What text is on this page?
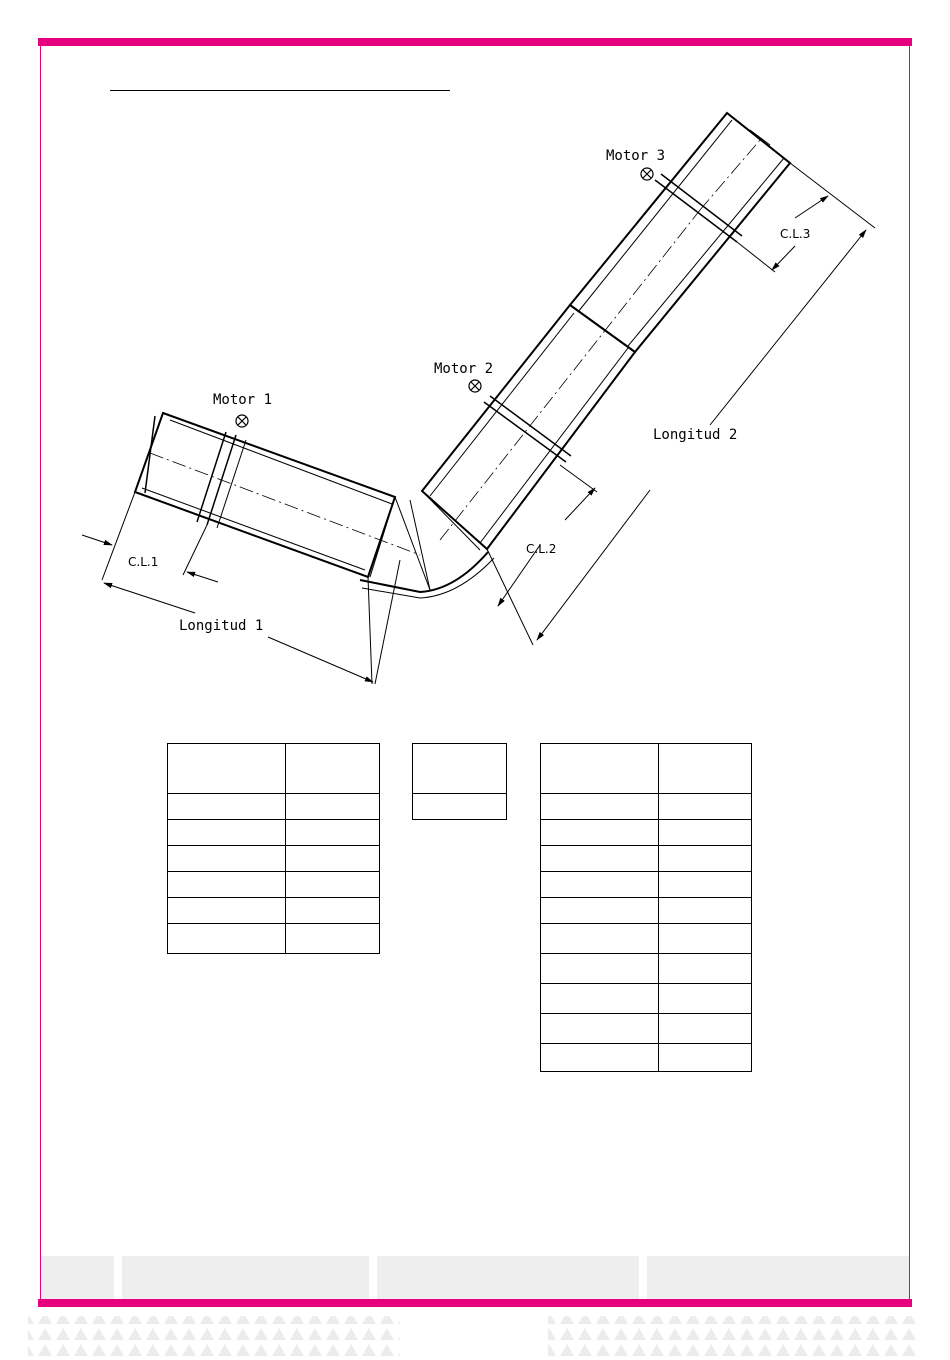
Motor 1
Motor 2
Motor 3
C.L.1
C.L.2
C.L.3
Longitud 1
Longitud 2
